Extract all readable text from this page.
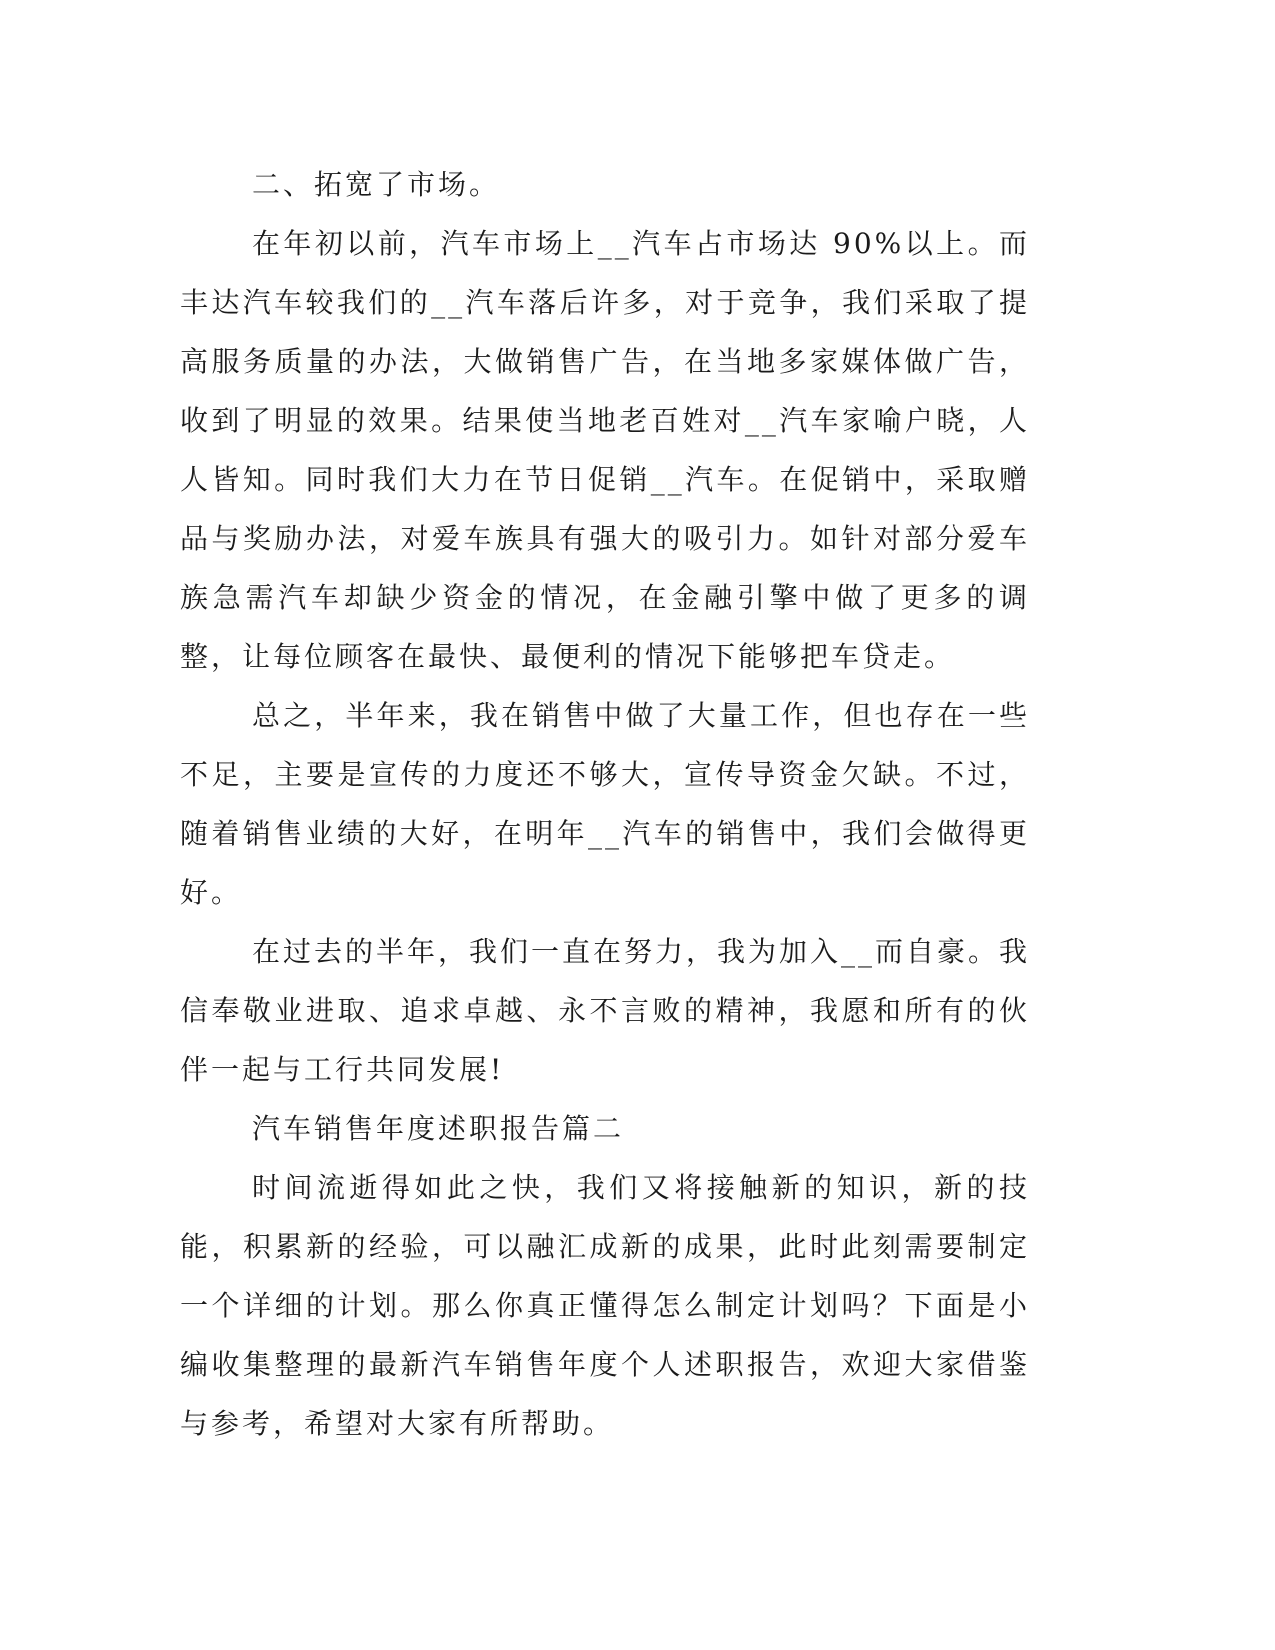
二、拓宽了市场。

在年初以前，汽车市场上__汽车占市场达 90%以上。而丰达汽车较我们的__汽车落后许多，对于竞争，我们采取了提高服务质量的办法，大做销售广告，在当地多家媒体做广告，收到了明显的效果。结果使当地老百姓对__汽车家喻户晓，人人皆知。同时我们大力在节日促销__汽车。在促销中，采取赠品与奖励办法，对爱车族具有强大的吸引力。如针对部分爱车族急需汽车却缺少资金的情况，在金融引擎中做了更多的调整，让每位顾客在最快、最便利的情况下能够把车贷走。

总之，半年来，我在销售中做了大量工作，但也存在一些不足，主要是宣传的力度还不够大，宣传导资金欠缺。不过，随着销售业绩的大好，在明年__汽车的销售中，我们会做得更好。

在过去的半年，我们一直在努力，我为加入__而自豪。我信奉敬业进取、追求卓越、永不言败的精神，我愿和所有的伙伴一起与工行共同发展!

汽车销售年度述职报告篇二

时间流逝得如此之快，我们又将接触新的知识，新的技能，积累新的经验，可以融汇成新的成果，此时此刻需要制定一个详细的计划。那么你真正懂得怎么制定计划吗？下面是小编收集整理的最新汽车销售年度个人述职报告，欢迎大家借鉴与参考，希望对大家有所帮助。
